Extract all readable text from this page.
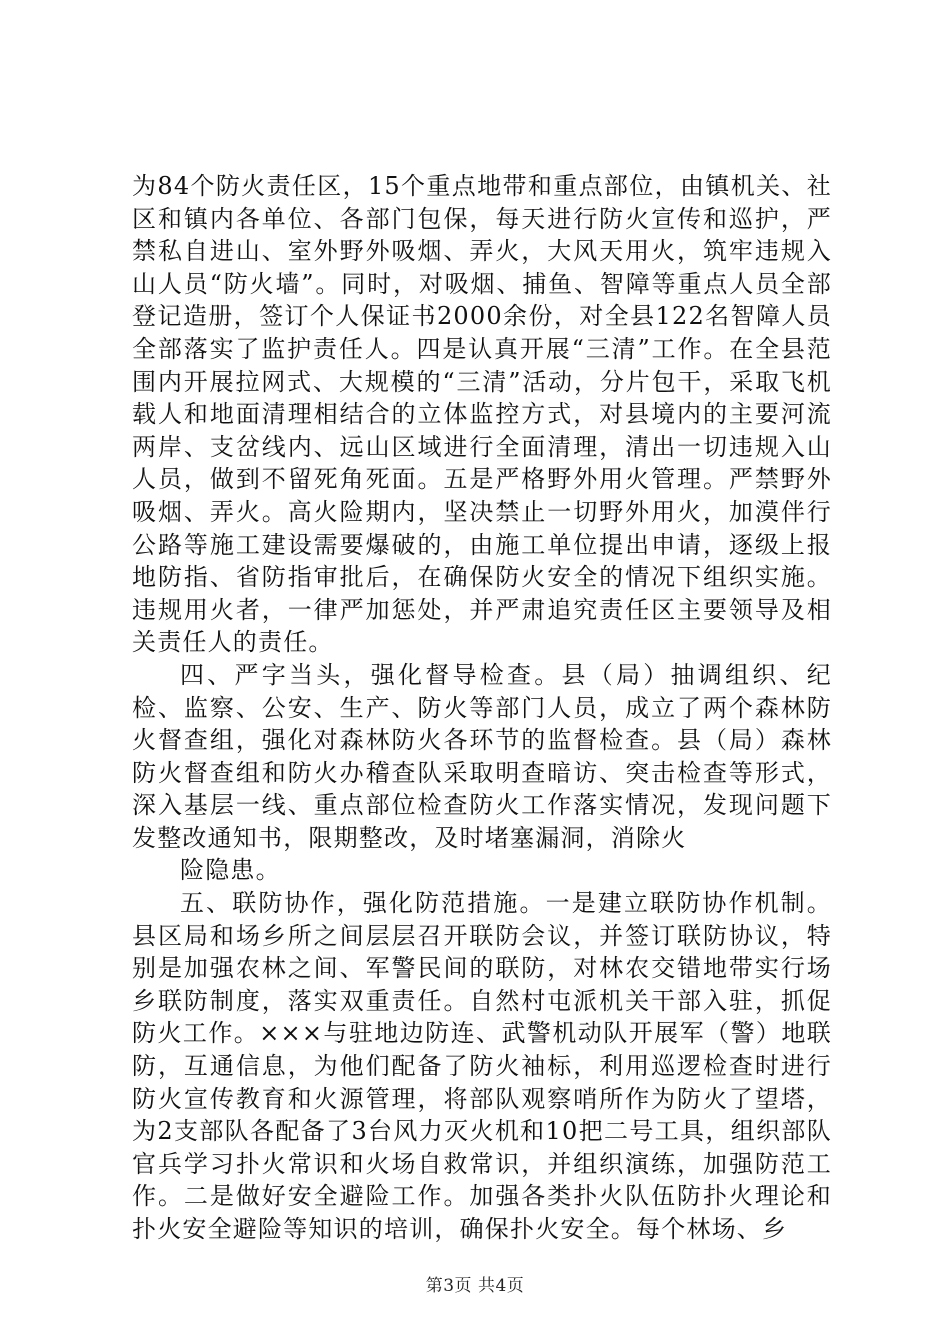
为84个防火责任区，15个重点地带和重点部位，由镇机关、社区和镇内各单位、各部门包保，每天进行防火宣传和巡护，严禁私自进山、室外野外吸烟、弄火，大风天用火，筑牢违规入山人员“防火墙”。同时，对吸烟、捕鱼、智障等重点人员全部登记造册，签订个人保证书2000余份，对全县122名智障人员全部落实了监护责任人。四是认真开展“三清”工作。在全县范围内开展拉网式、大规模的“三清”活动，分片包干，采取飞机载人和地面清理相结合的立体监控方式，对县境内的主要河流两岸、支岔线内、远山区域进行全面清理，清出一切违规入山人员，做到不留死角死面。五是严格野外用火管理。严禁野外吸烟、弄火。高火险期内，坚决禁止一切野外用火，加漠伴行公路等施工建设需要爆破的，由施工单位提出申请，逐级上报地防指、省防指审批后，在确保防火安全的情况下组织实施。违规用火者，一律严加惩处，并严肃追究责任区主要领导及相关责任人的责任。

四、严字当头，强化督导检查。县（局）抽调组织、纪检、监察、公安、生产、防火等部门人员，成立了两个森林防火督查组，强化对森林防火各环节的监督检查。县（局）森林防火督查组和防火办稽查队采取明查暗访、突击检查等形式，深入基层一线、重点部位检查防火工作落实情况，发现问题下发整改通知书，限期整改，及时堵塞漏洞，消除火

险隐患。

五、联防协作，强化防范措施。一是建立联防协作机制。县区局和场乡所之间层层召开联防会议，并签订联防协议，特别是加强农林之间、军警民间的联防，对林农交错地带实行场乡联防制度，落实双重责任。自然村屯派机关干部入驻，抓促防火工作。×××与驻地边防连、武警机动队开展军（警）地联防，互通信息，为他们配备了防火袖标，利用巡逻检查时进行防火宣传教育和火源管理，将部队观察哨所作为防火了望塔，为2支部队各配备了3台风力灭火机和10把二号工具，组织部队官兵学习扑火常识和火场自救常识，并组织演练，加强防范工作。二是做好安全避险工作。加强各类扑火队伍防扑火理论和扑火安全避险等知识的培训，确保扑火安全。每个林场、乡

第3页 共4页
